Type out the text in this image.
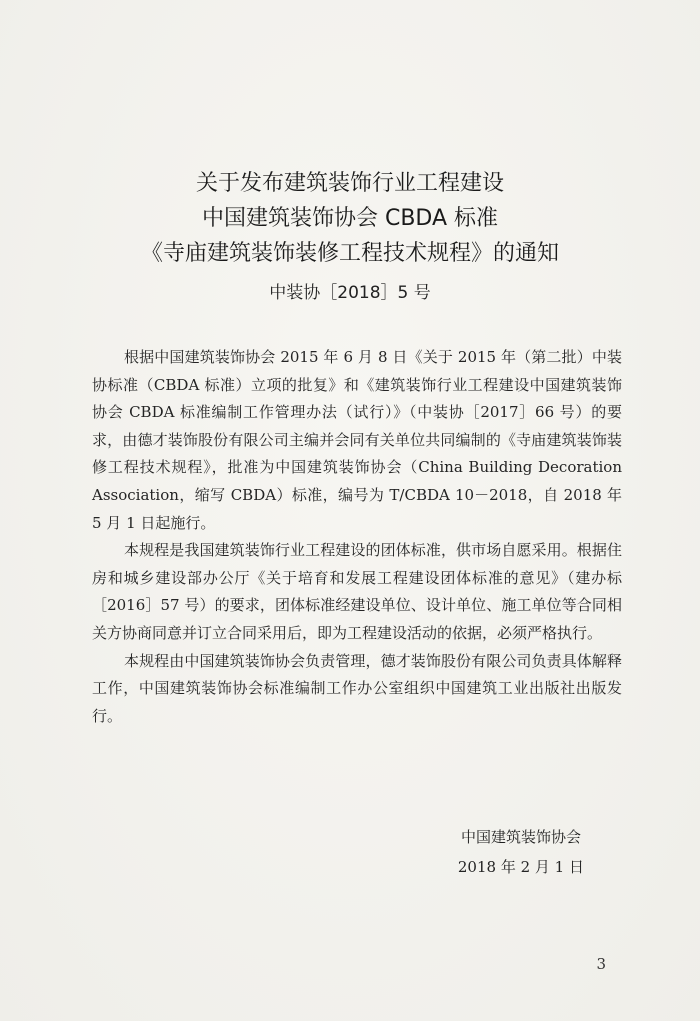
关于发布建筑装饰行业工程建设
中国建筑装饰协会 CBDA 标准
《寺庙建筑装饰装修工程技术规程》的通知
中装协［2018］5 号

根据中国建筑装饰协会 2015 年 6 月 8 日《关于 2015 年（第二批）中装协标准（CBDA 标准）立项的批复》和《建筑装饰行业工程建设中国建筑装饰协会 CBDA 标准编制工作管理办法（试行）》（中装协［2017］66 号）的要求，由德才装饰股份有限公司主编并会同有关单位共同编制的《寺庙建筑装饰装修工程技术规程》，批准为中国建筑装饰协会（China Building Decoration Association，缩写 CBDA）标准，编号为 T/CBDA 10－2018，自 2018 年 5 月 1 日起施行。

本规程是我国建筑装饰行业工程建设的团体标准，供市场自愿采用。根据住房和城乡建设部办公厅《关于培育和发展工程建设团体标准的意见》（建办标［2016］57 号）的要求，团体标准经建设单位、设计单位、施工单位等合同相关方协商同意并订立合同采用后，即为工程建设活动的依据，必须严格执行。

本规程由中国建筑装饰协会负责管理，德才装饰股份有限公司负责具体解释工作，中国建筑装饰协会标准编制工作办公室组织中国建筑工业出版社出版发行。

中国建筑装饰协会
2018 年 2 月 1 日
3
